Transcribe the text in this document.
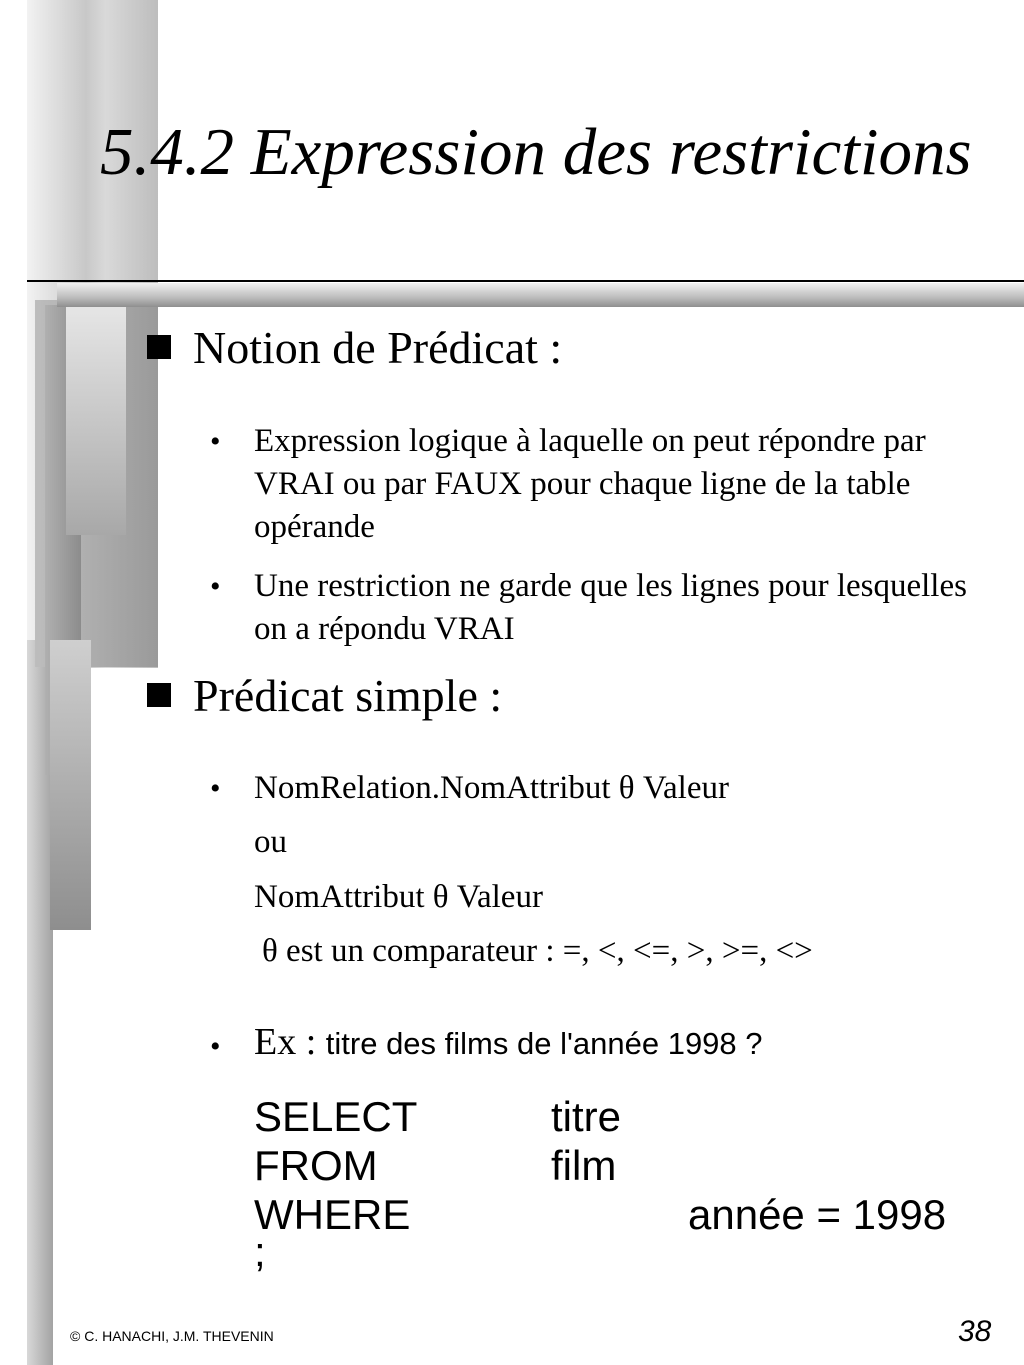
5.4.2 Expression des restrictions
Notion de Prédicat :
• Expression logique à laquelle on peut répondre par VRAI ou par FAUX pour chaque ligne de la table opérande
• Une restriction ne garde que les lignes pour lesquelles on a répondu VRAI
Prédicat simple :
• NomRelation.NomAttribut θ Valeur
ou
NomAttribut θ Valeur
θ est un comparateur : =, <, <=, >, >=, <>
• Ex : titre des films de l'année 1998 ?
SELECT	titre
FROM	film
WHERE	année = 1998
;
© C. HANACHI, J.M. THEVENIN	38
